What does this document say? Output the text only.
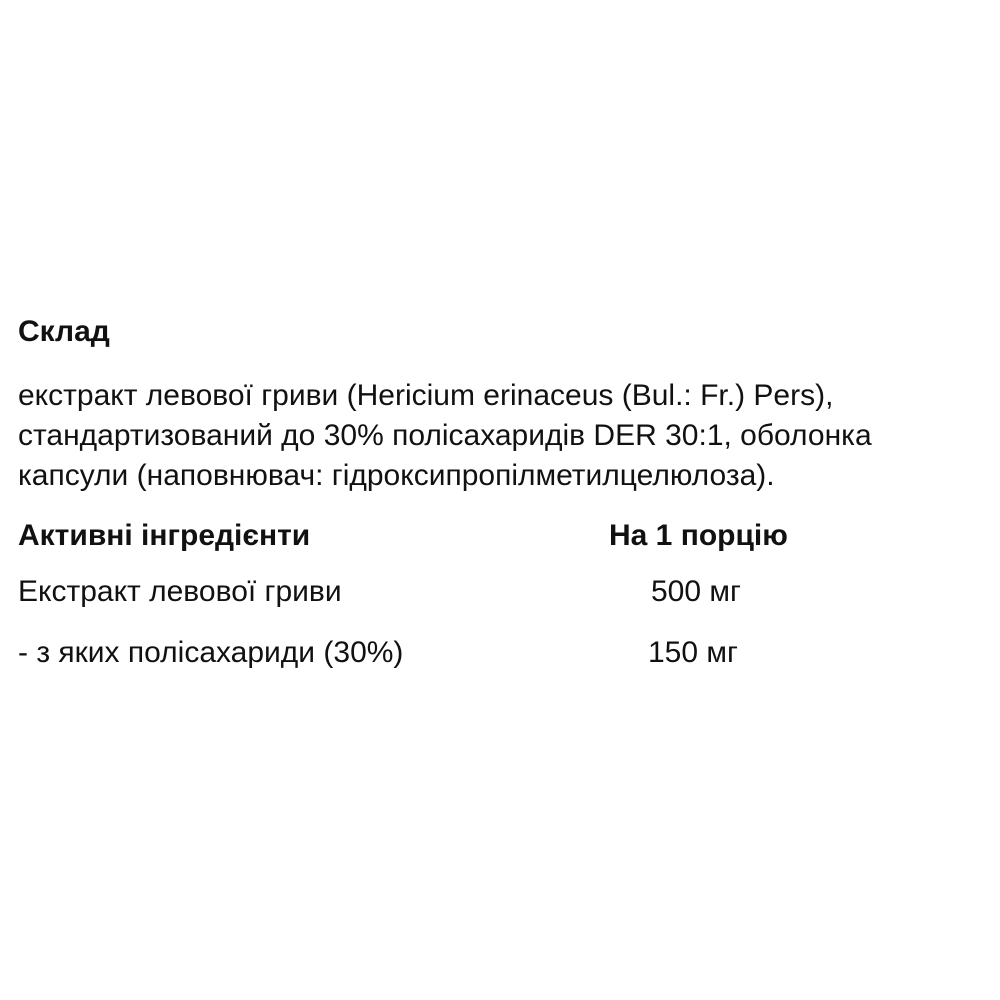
Склад
екстракт левової гриви (Hericium erinaceus (Bul.: Fr.) Pers),
стандартизований до 30% полісахаридів DER 30:1, оболонка
капсули (наповнювач: гідроксипропілметилцелюлоза).
Активні інгредієнти	На 1 порцію
Екстракт левової гриви	500 мг
- з яких полісахариди (30%)	150 мг
